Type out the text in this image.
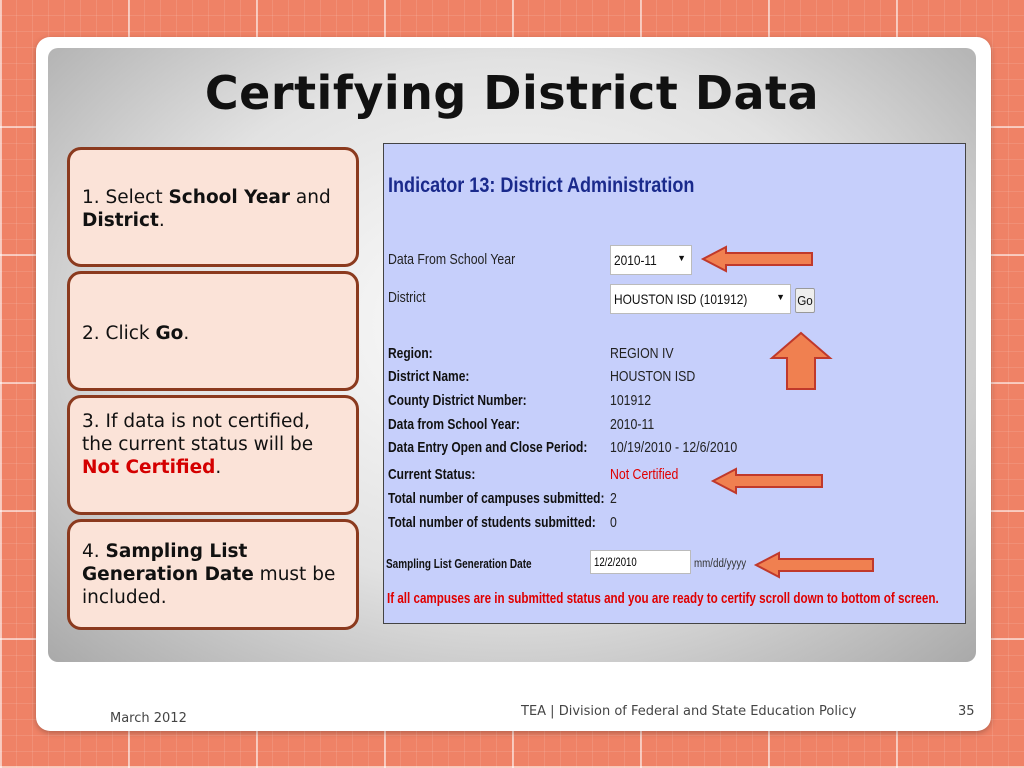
Certifying District Data
1. Select School Year and District.
2. Click Go.
3. If data is not certified, the current status will be Not Certified.
4. Sampling List Generation Date must be included.
Indicator 13: District Administration
Data From School Year	2010-11 ▼
District	HOUSTON ISD (101912)	▼ Go
Region:	REGION IV
District Name:	HOUSTON ISD
County District Number:	101912
Data from School Year:	2010-11
Data Entry Open and Close Period: 10/19/2010 - 12/6/2010
Current Status:	Not Certified
Total number of campuses submitted: 2
Total number of students submitted: 0
Sampling List Generation Date	12/2/2010	mm/dd/yyyy
If all campuses are in submitted status and you are ready to certify scroll down to bottom of screen.
March 2012	TEA | Division of Federal and State Education Policy	35
